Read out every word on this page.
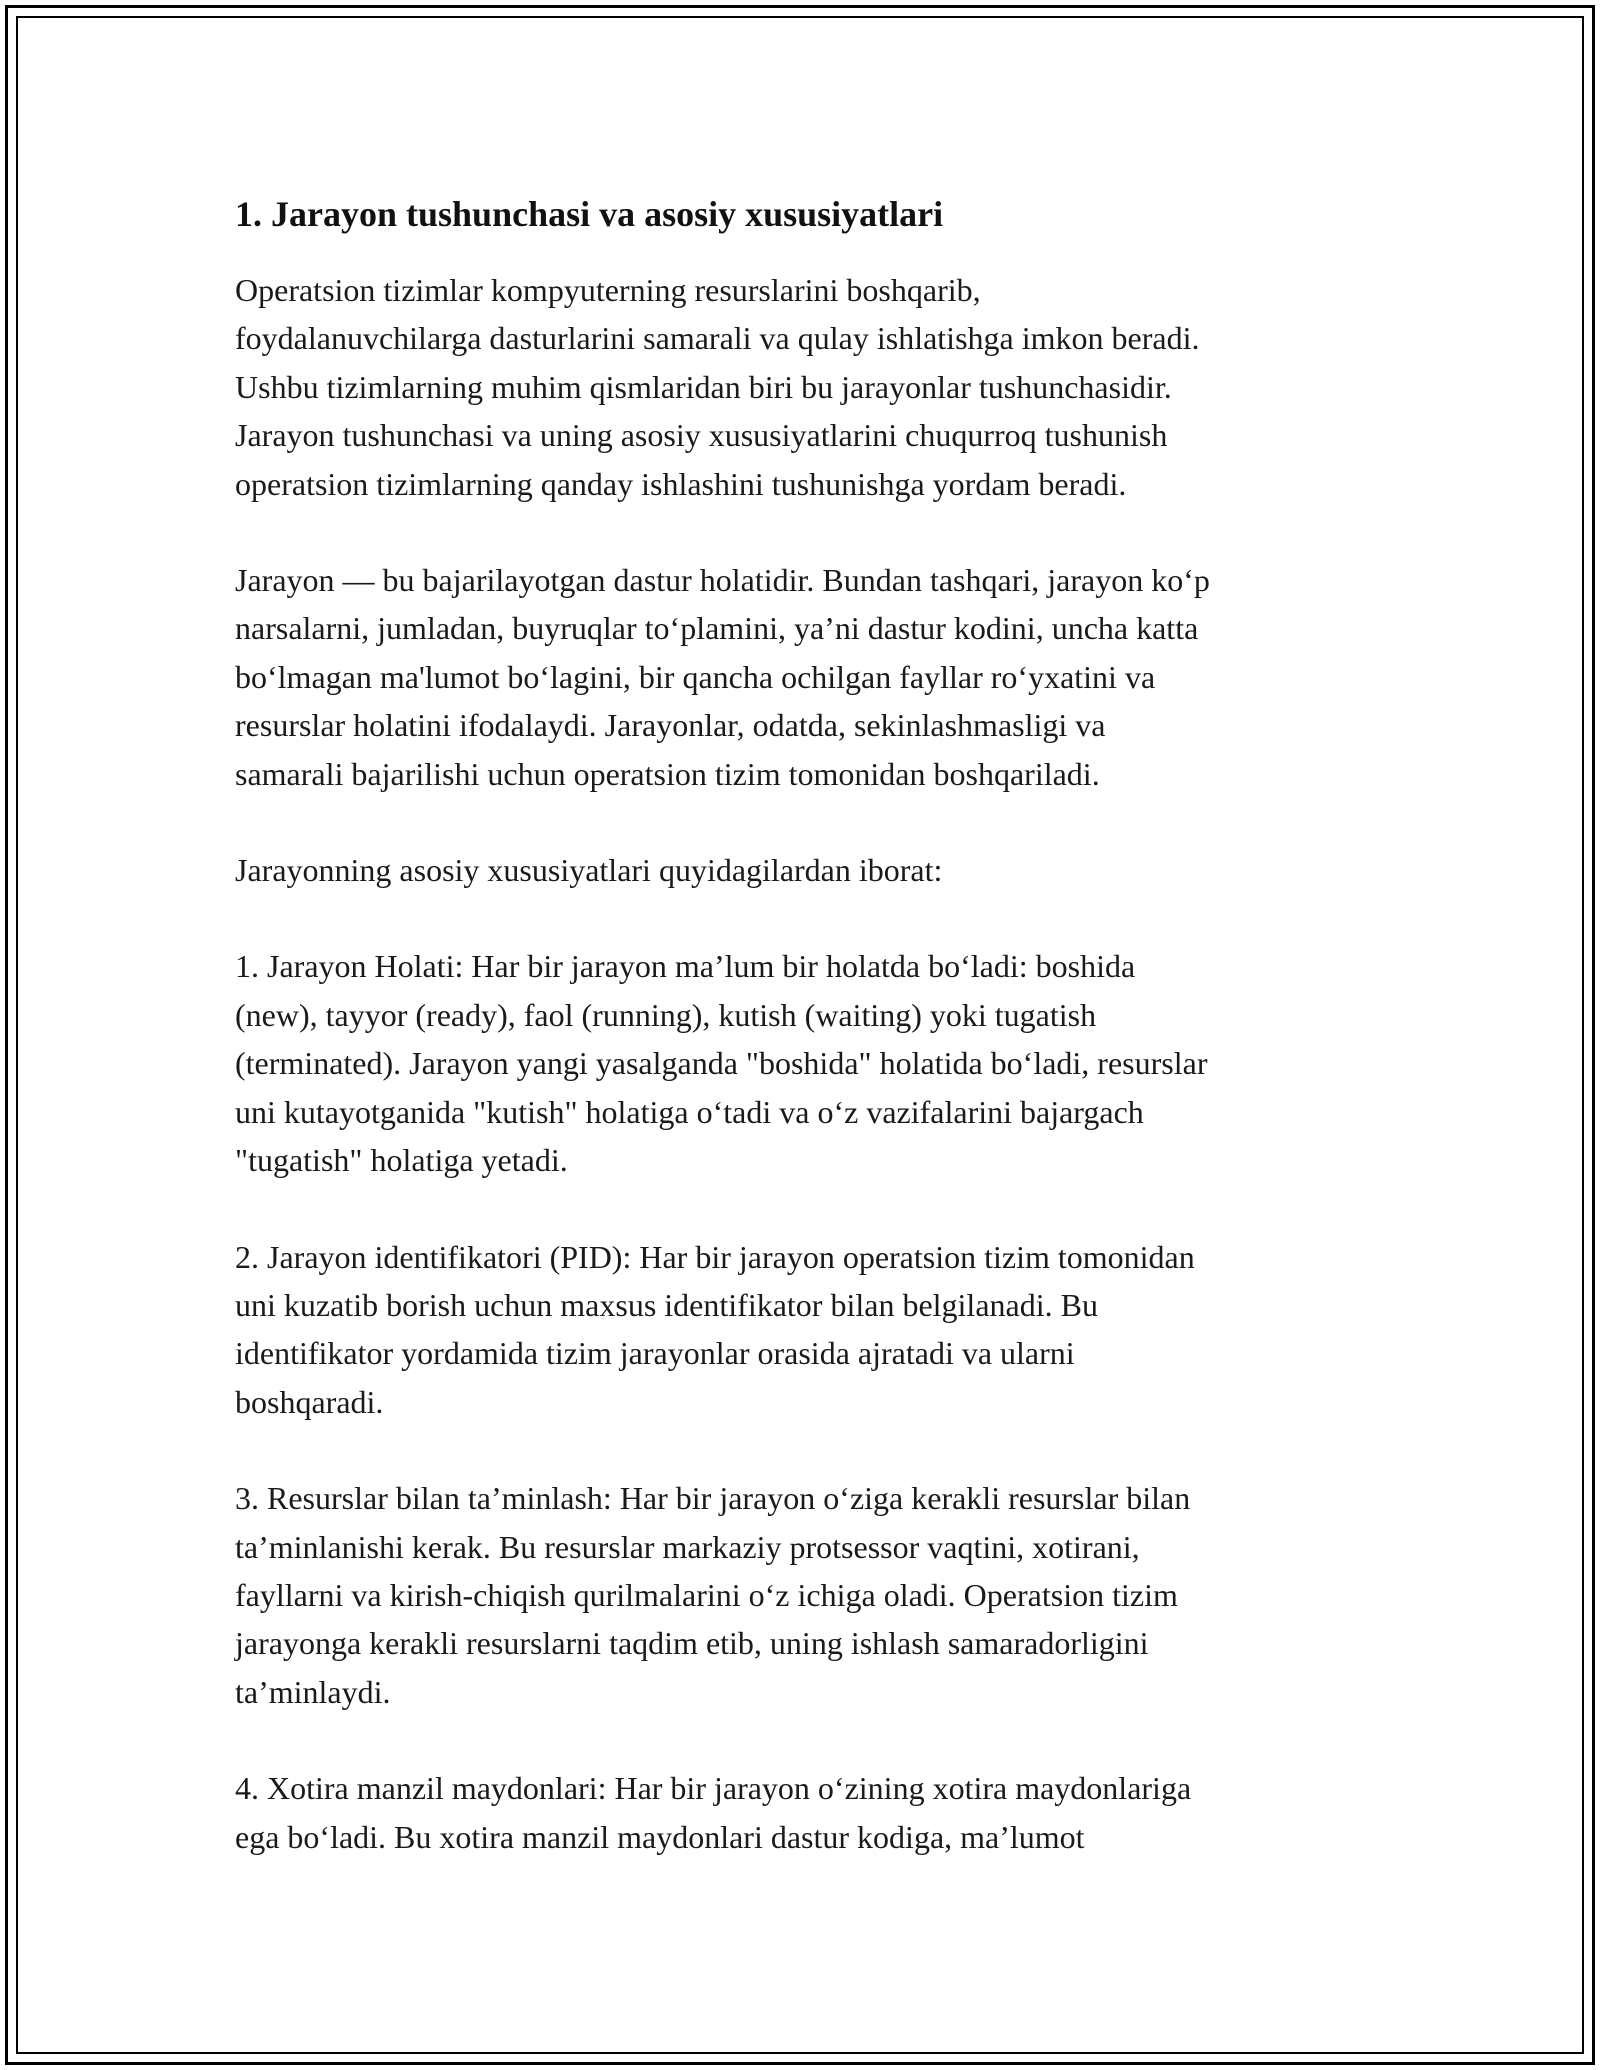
1. Jarayon tushunchasi va asosiy xususiyatlari

Operatsion tizimlar kompyuterning resurslarini boshqarib,
foydalanuvchilarga dasturlarini samarali va qulay ishlatishga imkon beradi.
Ushbu tizimlarning muhim qismlaridan biri bu jarayonlar tushunchasidir.
Jarayon tushunchasi va uning asosiy xususiyatlarini chuqurroq tushunish
operatsion tizimlarning qanday ishlashini tushunishga yordam beradi.

Jarayon — bu bajarilayotgan dastur holatidir. Bundan tashqari, jarayon ko‘p
narsalarni, jumladan, buyruqlar to‘plamini, ya’ni dastur kodini, uncha katta
bo‘lmagan ma'lumot bo‘lagini, bir qancha ochilgan fayllar ro‘yxatini va
resurslar holatini ifodalaydi. Jarayonlar, odatda, sekinlashmasligi va
samarali bajarilishi uchun operatsion tizim tomonidan boshqariladi.

Jarayonning asosiy xususiyatlari quyidagilardan iborat:

1. Jarayon Holati: Har bir jarayon ma’lum bir holatda bo‘ladi: boshida
(new), tayyor (ready), faol (running), kutish (waiting) yoki tugatish
(terminated). Jarayon yangi yasalganda "boshida" holatida bo‘ladi, resurslar
uni kutayotganida "kutish" holatiga o‘tadi va o‘z vazifalarini bajargach
"tugatish" holatiga yetadi.

2. Jarayon identifikatori (PID): Har bir jarayon operatsion tizim tomonidan
uni kuzatib borish uchun maxsus identifikator bilan belgilanadi. Bu
identifikator yordamida tizim jarayonlar orasida ajratadi va ularni
boshqaradi.

3. Resurslar bilan ta’minlash: Har bir jarayon o‘ziga kerakli resurslar bilan
ta’minlanishi kerak. Bu resurslar markaziy protsessor vaqtini, xotirani,
fayllarni va kirish-chiqish qurilmalarini o‘z ichiga oladi. Operatsion tizim
jarayonga kerakli resurslarni taqdim etib, uning ishlash samaradorligini
ta’minlaydi.

4. Xotira manzil maydonlari: Har bir jarayon o‘zining xotira maydonlariga
ega bo‘ladi. Bu xotira manzil maydonlari dastur kodiga, ma’lumot
